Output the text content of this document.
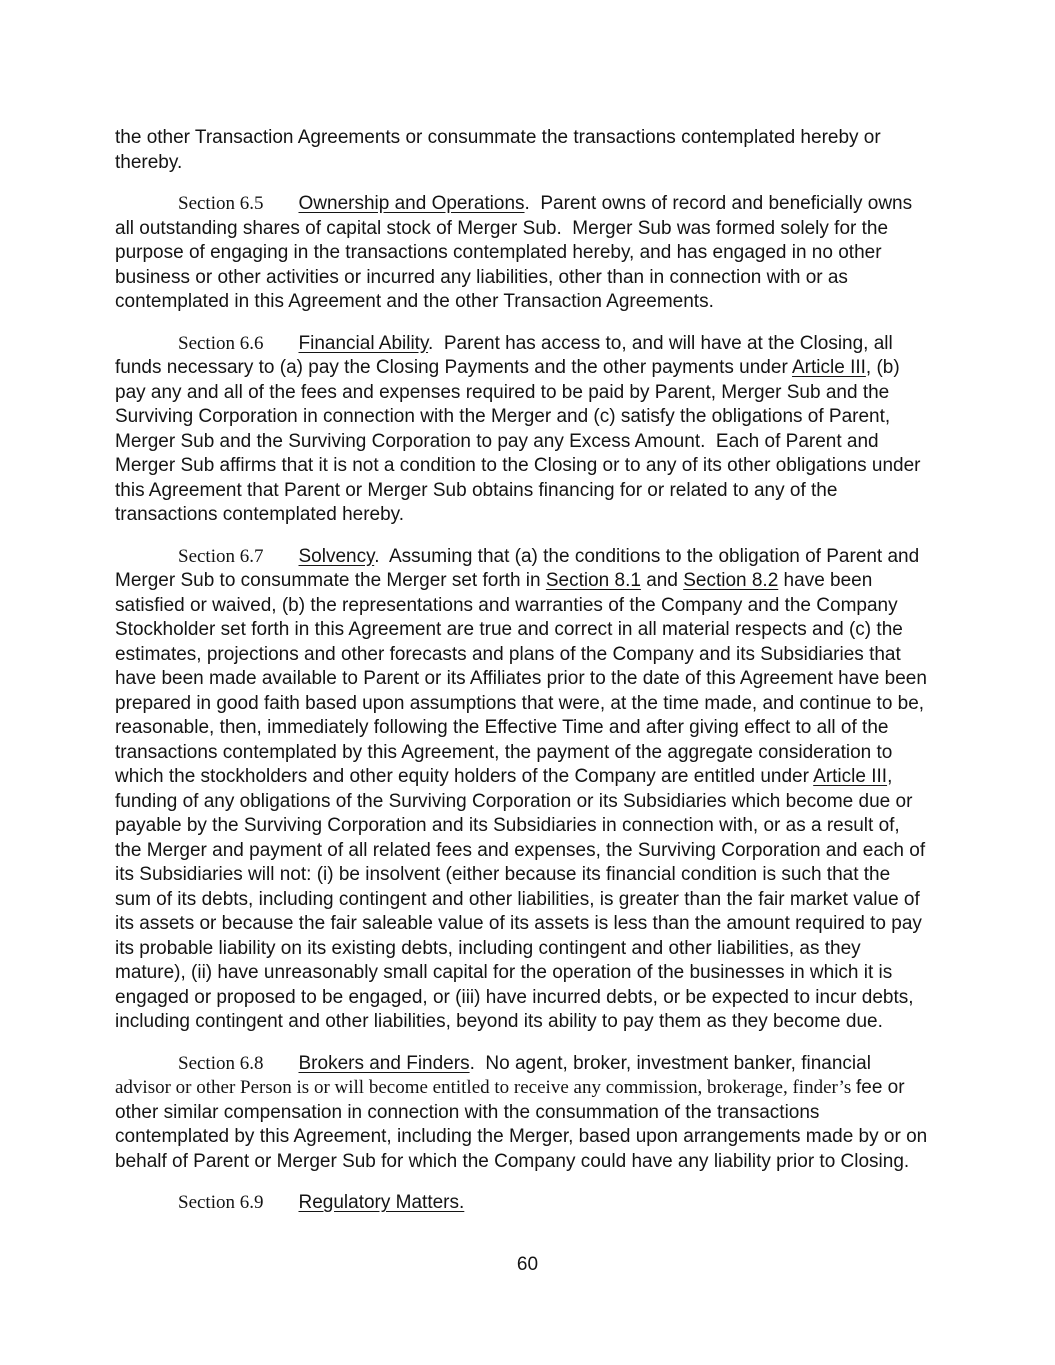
the other Transaction Agreements or consummate the transactions contemplated hereby or thereby.

Section 6.5 Ownership and Operations.  Parent owns of record and beneficially owns all outstanding shares of capital stock of Merger Sub.  Merger Sub was formed solely for the purpose of engaging in the transactions contemplated hereby, and has engaged in no other business or other activities or incurred any liabilities, other than in connection with or as contemplated in this Agreement and the other Transaction Agreements.

Section 6.6 Financial Ability.  Parent has access to, and will have at the Closing, all funds necessary to (a) pay the Closing Payments and the other payments under Article III, (b) pay any and all of the fees and expenses required to be paid by Parent, Merger Sub and the Surviving Corporation in connection with the Merger and (c) satisfy the obligations of Parent, Merger Sub and the Surviving Corporation to pay any Excess Amount.  Each of Parent and Merger Sub affirms that it is not a condition to the Closing or to any of its other obligations under this Agreement that Parent or Merger Sub obtains financing for or related to any of the transactions contemplated hereby.

Section 6.7 Solvency.  Assuming that (a) the conditions to the obligation of Parent and Merger Sub to consummate the Merger set forth in Section 8.1 and Section 8.2 have been satisfied or waived, (b) the representations and warranties of the Company and the Company Stockholder set forth in this Agreement are true and correct in all material respects and (c) the estimates, projections and other forecasts and plans of the Company and its Subsidiaries that have been made available to Parent or its Affiliates prior to the date of this Agreement have been prepared in good faith based upon assumptions that were, at the time made, and continue to be, reasonable, then, immediately following the Effective Time and after giving effect to all of the transactions contemplated by this Agreement, the payment of the aggregate consideration to which the stockholders and other equity holders of the Company are entitled under Article III, funding of any obligations of the Surviving Corporation or its Subsidiaries which become due or payable by the Surviving Corporation and its Subsidiaries in connection with, or as a result of, the Merger and payment of all related fees and expenses, the Surviving Corporation and each of its Subsidiaries will not: (i) be insolvent (either because its financial condition is such that the sum of its debts, including contingent and other liabilities, is greater than the fair market value of its assets or because the fair saleable value of its assets is less than the amount required to pay its probable liability on its existing debts, including contingent and other liabilities, as they mature), (ii) have unreasonably small capital for the operation of the businesses in which it is engaged or proposed to be engaged, or (iii) have incurred debts, or be expected to incur debts, including contingent and other liabilities, beyond its ability to pay them as they become due.

Section 6.8 Brokers and Finders.  No agent, broker, investment banker, financial advisor or other Person is or will become entitled to receive any commission, brokerage, finder’s fee or other similar compensation in connection with the consummation of the transactions contemplated by this Agreement, including the Merger, based upon arrangements made by or on behalf of Parent or Merger Sub for which the Company could have any liability prior to Closing.

Section 6.9 Regulatory Matters.

60
